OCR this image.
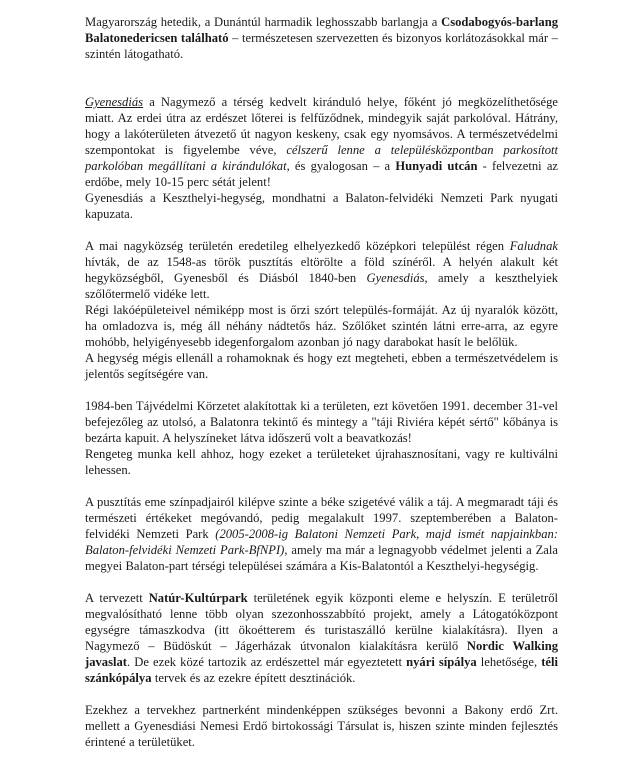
Magyarország hetedik, a Dunántúl harmadik leghosszabb barlangja a Csodabogyós-barlang Balatonedericsen található – természetesen szervezetten és bizonyos korlátozásokkal már – szintén látogatható.

Gyenesdiás a Nagymező a térség kedvelt kiránduló helye, főként jó megközelíthetősége miatt. Az erdei útra az erdészet lőterei is felfűződnek, mindegyik saját parkolóval. Hátrány, hogy a lakóterületen átvezető út nagyon keskeny, csak egy nyomsávos. A természetvédelmi szempontokat is figyelembe véve, célszerű lenne a településközpontban parkosított parkolóban megállítani a kirándulókat, és gyalogosan – a Hunyadi utcán - felvezetni az erdőbe, mely 10-15 perc sétát jelent!

Gyenesdiás a Keszthelyi-hegység, mondhatni a Balaton-felvidéki Nemzeti Park nyugati kapuzata.

A mai nagyközség területén eredetileg elhelyezkedő középkori települést régen Faludnak hívták, de az 1548-as török pusztítás eltörölte a föld színéről. A helyén alakult két hegyközségből, Gyenesből és Diásból 1840-ben Gyenesdiás, amely a keszthelyiek szőlőtermelő vidéke lett.

Régi lakóépületeivel némiképp most is őrzi szórt település-formáját. Az új nyaralók között, ha omladozva is, még áll néhány nádtetős ház. Szőlőket szintén látni erre-arra, az egyre mohóbb, helyigényesebb idegenforgalom azonban jó nagy darabokat hasít le belőlük.

A hegység mégis ellenáll a rohamoknak és hogy ezt megteheti, ebben a természetvédelem is jelentős segítségére van.

1984-ben Tájvédelmi Körzetet alakítottak ki a területen, ezt követően 1991. december 31-vel befejezőleg az utolsó, a Balatonra tekintő és mintegy a "táji Riviéra képét sértő" kőbánya is bezárta kapuit. A helyszíneket látva időszerű volt a beavatkozás!

Rengeteg munka kell ahhoz, hogy ezeket a területeket újrahasznosítani, vagy re kultiválni lehessen.

A pusztítás eme színpadjairól kilépve szinte a béke szigetévé válik a táj. A megmaradt táji és természeti értékeket megóvandó, pedig megalakult 1997. szeptemberében a Balaton-felvidéki Nemzeti Park (2005-2008-ig Balatoni Nemzeti Park, majd ismét napjainkban: Balaton-felvidéki Nemzeti Park-BfNPI), amely ma már a legnagyobb védelmet jelenti a Zala megyei Balaton-part térségi települései számára a Kis-Balatontól a Keszthelyi-hegységig.

A tervezett Natúr-Kultúrpark területének egyik központi eleme e helyszín. E területről megvalósítható lenne több olyan szezonhosszabbító projekt, amely a Látogatóközpont egységre támaszkodva (itt ökoétterem és turistaszálló kerülne kialakításra). Ilyen a Nagymező – Büdöskút – Jágerházak útvonalon kialakításra kerülő Nordic Walking javaslat. De ezek közé tartozik az erdészettel már egyeztetett nyári sípálya lehetősége, téli szánkópálya tervek és az ezekre épített desztinációk.

Ezekhez a tervekhez partnerként mindenképpen szükséges bevonni a Bakony erdő Zrt. mellett a Gyenesdiási Nemesi Erdő birtokossági Társulat is, hiszen szinte minden fejlesztés érintené a területüket.
